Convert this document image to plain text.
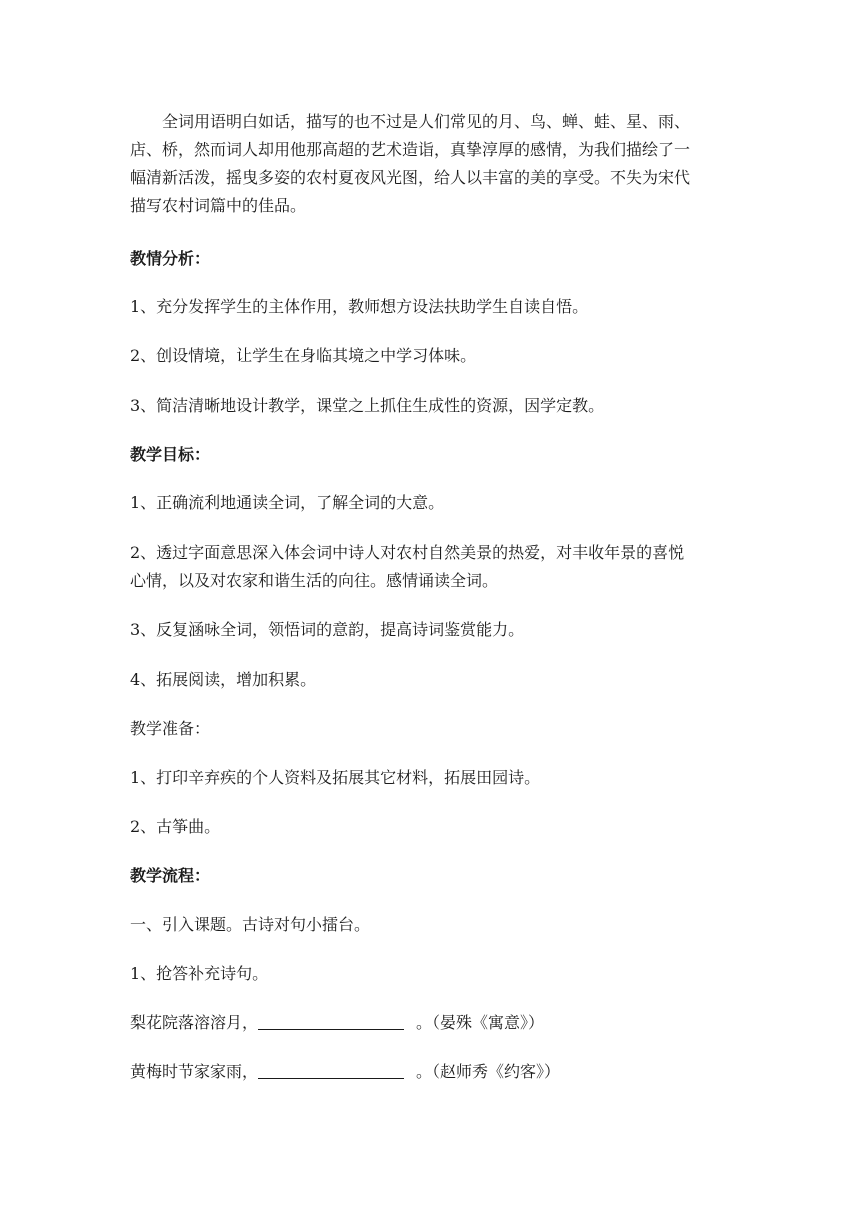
全词用语明白如话，描写的也不过是人们常见的月、鸟、蝉、蛙、星、雨、
店、桥，然而词人却用他那高超的艺术造诣，真挚淳厚的感情，为我们描绘了一
幅清新活泼，摇曳多姿的农村夏夜风光图，给人以丰富的美的享受。不失为宋代
描写农村词篇中的佳品。
教情分析：
1、充分发挥学生的主体作用，教师想方设法扶助学生自读自悟。
2、创设情境，让学生在身临其境之中学习体味。
3、简洁清晰地设计教学，课堂之上抓住生成性的资源，因学定教。
教学目标：
1、正确流利地通读全词，了解全词的大意。
2、透过字面意思深入体会词中诗人对农村自然美景的热爱，对丰收年景的喜悦
心情，以及对农家和谐生活的向往。感情诵读全词。
3、反复涵咏全词，领悟词的意韵，提高诗词鉴赏能力。
4、拓展阅读，增加积累。
教学准备：
1、打印辛弃疾的个人资料及拓展其它材料，拓展田园诗。
2、古筝曲。
教学流程：
一、引入课题。古诗对句小擂台。
1、抢答补充诗句。
梨花院落溶溶月，	。（晏殊《寓意》）
黄梅时节家家雨，	。（赵师秀《约客》）
